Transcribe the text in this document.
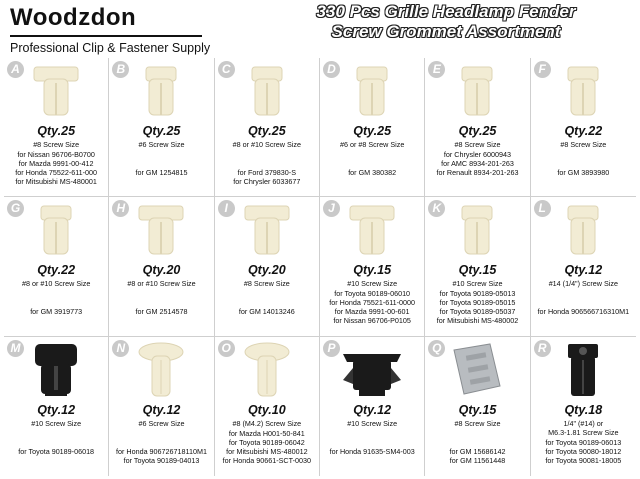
Woodzdon
Professional Clip & Fastener Supply
330 Pcs Grille Headlamp Fender
Screw Grommet Assortment
A
Qty.25
#8 Screw Size
for Nissan 96706-B0700
for Mazda 9991-00-412
for Honda 75522-611-000
for Mitsubishi MS-480001
B
Qty.25
#6 Screw Size
for GM 1254815
C
Qty.25
#8 or #10 Screw Size
for Ford 379830-S
for Chrysler 6033677
D
Qty.25
#6 or #8 Screw Size
for GM 380382
E
Qty.25
#8 Screw Size
for Chrysler 6000943
for AMC 8934-201-263
for Renault 8934-201-263
F
Qty.22
#8 Screw Size
for GM 3893980
G
Qty.22
#8 or #10 Screw Size
for GM 3919773
H
Qty.20
#8 or #10 Screw Size
for GM 2514578
I
Qty.20
#8 Screw Size
for GM 14013246
J
Qty.15
#10 Screw Size
for Toyota 90189-06010
for Honda 75521-611-0000
for Mazda 9991-00-601
for Nissan 96706-P0105
K
Qty.15
#10 Screw Size
for Toyota 90189-05013
for Toyota 90189-05015
for Toyota 90189-05037
for Mitsubishi MS-480002
L
Qty.12
#14 (1/4") Screw Size
for Honda 906566716310M1
M
Qty.12
#10 Screw Size
for Toyota 90189-06018
N
Qty.12
#6 Screw Size
for Honda 906726718110M1
for Toyota 90189-04013
O
Qty.10
#8 (M4.2) Screw Size
for Mazda H001-50-841
for Toyota 90189-06042
for Mitsubishi MS-480012
for Honda 90661-SCT-0030
P
Qty.12
#10 Screw Size
for Honda 91635-SM4-003
Q
Qty.15
#8 Screw Size
for GM 15686142
for GM 11561448
R
Qty.18
1/4" (#14) or
M6.3-1.81 Screw Size
for Toyota 90189-06013
for Toyota 90080-18012
for Toyota 90081-18005
